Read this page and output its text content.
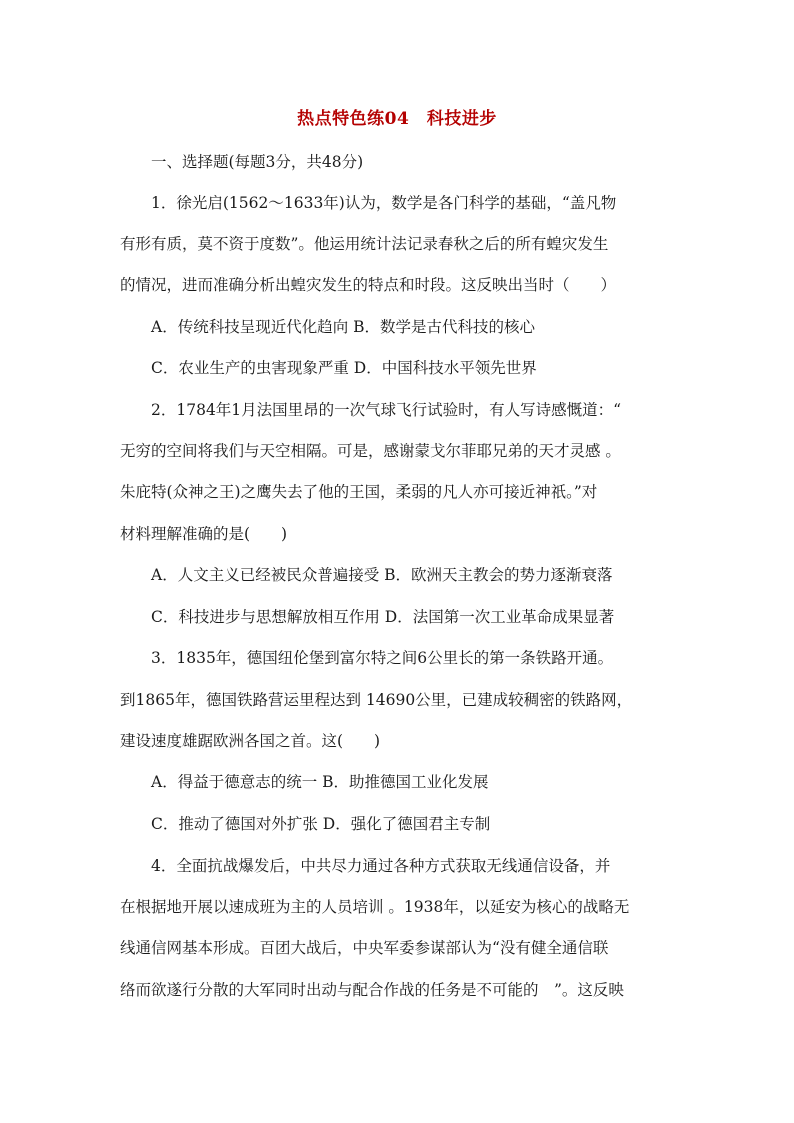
热点特色练04　科技进步
一、选择题(每题3分，共48分)
1．徐光启(1562～1633年)认为，数学是各门科学的基础，“盖凡物
有形有质，莫不资于度数”。他运用统计法记录春秋之后的所有蝗灾发生
的情况，进而准确分析出蝗灾发生的特点和时段。这反映出当时（　　）
A．传统科技呈现近代化趋向 B．数学是古代科技的核心
C．农业生产的虫害现象严重 D．中国科技水平领先世界
2．1784年1月法国里昂的一次气球飞行试验时，有人写诗感慨道：“
无穷的空间将我们与天空相隔。可是，感谢蒙戈尔菲耶兄弟的天才灵感 。
朱庇特(众神之王)之鹰失去了他的王国，柔弱的凡人亦可接近神祇。”对
材料理解准确的是(　　)
A．人文主义已经被民众普遍接受 B．欧洲天主教会的势力逐渐衰落
C．科技进步与思想解放相互作用 D．法国第一次工业革命成果显著
3．1835年，德国纽伦堡到富尔特之间6公里长的第一条铁路开通。
到1865年，德国铁路营运里程达到 14690公里，已建成较稠密的铁路网，
建设速度雄踞欧洲各国之首。这(　　)
A．得益于德意志的统一 B．助推德国工业化发展
C．推动了德国对外扩张 D．强化了德国君主专制
4．全面抗战爆发后，中共尽力通过各种方式获取无线通信设备，并
在根据地开展以速成班为主的人员培训 。1938年，以延安为核心的战略无
线通信网基本形成。百团大战后，中央军委参谋部认为“没有健全通信联
络而欲遂行分散的大军同时出动与配合作战的任务是不可能的　”。这反映
